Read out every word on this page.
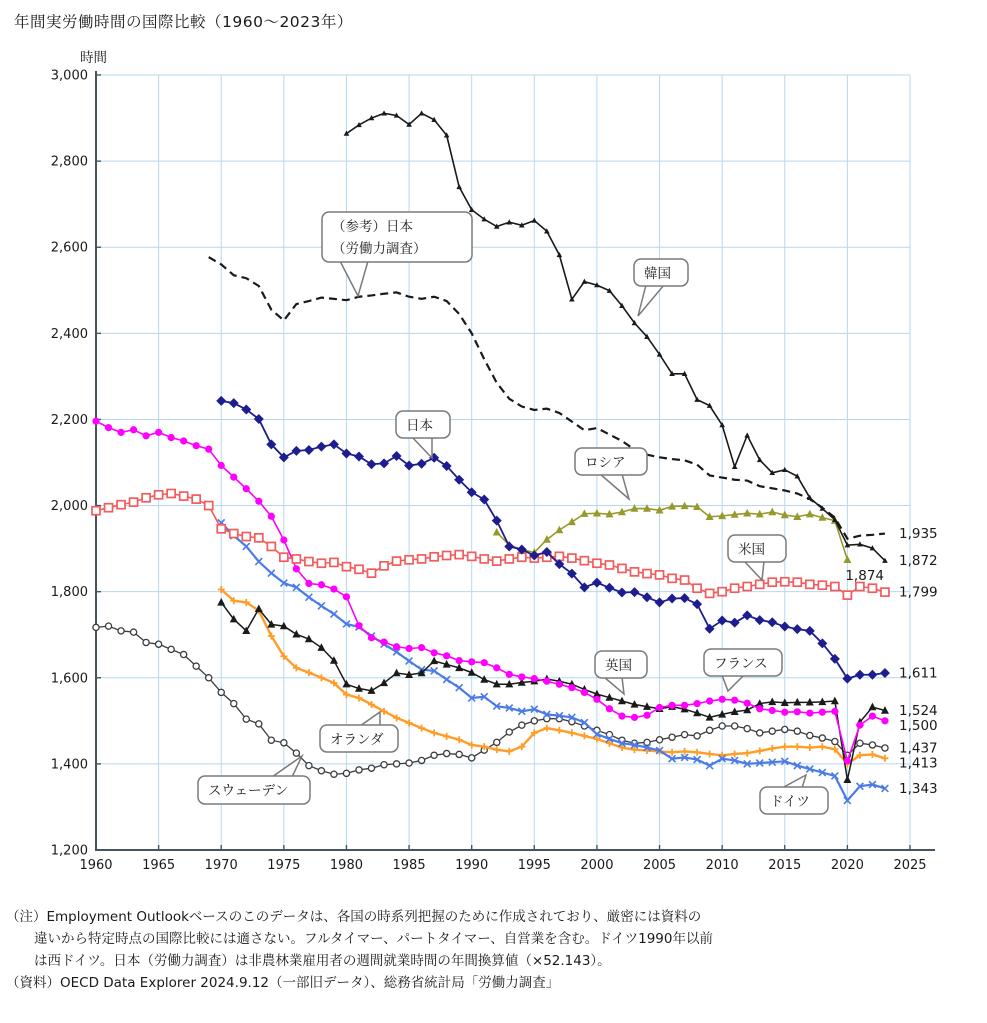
年間実労働時間の国際比較（1960～2023年）
時間
1,200
1,400
1,600
1,800
2,000
2,200
2,400
2,600
2,800
3,000
1960 1965 1970 1975 1980 1985 1990 1995 2000 2005 2010 2015 2020 2025
1,935
1,872
1,799
1,611
1,524
1,500
1,437
1,413
1,343
1,874
（参考）日本
（労働力調査）
韓国
日本
ロシア
米国
英国	フランス
オランダ
スウェーデン
ドイツ
（注）Employment Outlookベースのこのデータは、各国の時系列把握のために作成されており、厳密には資料の
違いから特定時点の国際比較には適さない。フルタイマー、パートタイマー、自営業を含む。ドイツ1990年以前
は西ドイツ。日本（労働力調査）は非農林業雇用者の週間就業時間の年間換算値（×52.143）。
（資料）OECD Data Explorer 2024.9.12（一部旧データ）、総務省統計局「労働力調査」
